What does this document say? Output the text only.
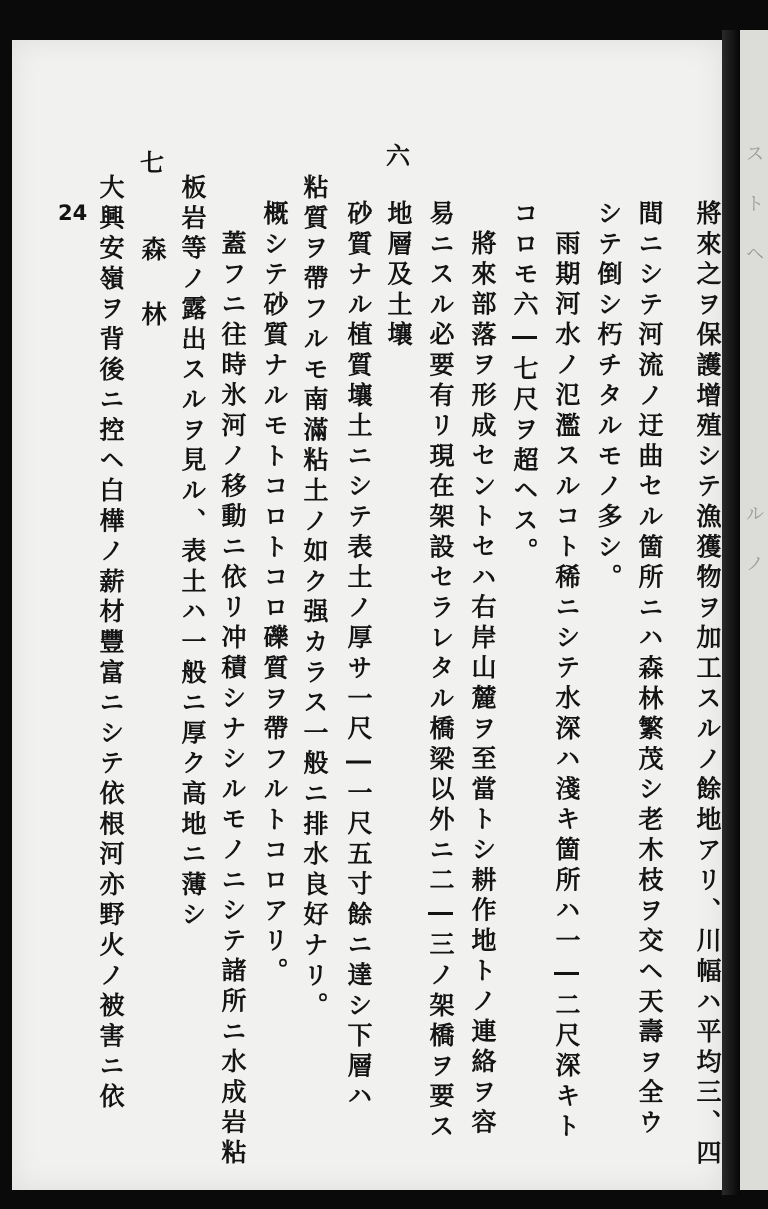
將來之ヲ保護增殖シテ漁獲物ヲ加工スルノ餘地アリ、川幅ハ平均三、四
間ニシテ河流ノ迂曲セル箇所ニハ森林繁茂シ老木枝ヲ交ヘ天壽ヲ全ウ
シテ倒シ朽チタルモノ多シ。
雨期河水ノ氾濫スルコト稀ニシテ水深ハ淺キ箇所ハ一―二尺深キト
コロモ六―七尺ヲ超ヘス。
將來部落ヲ形成セントセハ右岸山麓ヲ至當トシ耕作地トノ連絡ヲ容
易ニスル必要有リ現在架設セラレタル橋梁以外ニ二―三ノ架橋ヲ要ス
六
地層及土壤
砂質ナル植質壤土ニシテ表土ノ厚サ一尺―一尺五寸餘ニ達シ下層ハ
粘質ヲ帶フルモ南滿粘土ノ如ク强カラス一般ニ排水良好ナリ。
概シテ砂質ナルモトコロトコロ礫質ヲ帶フルトコロアリ。
蓋フニ往時氷河ノ移動ニ依リ冲積シナシルモノニシテ諸所ニ水成岩粘
板岩等ノ露出スルヲ見ル、表土ハ一般ニ厚ク高地ニ薄シ
七
森林
大興安嶺ヲ背後ニ控ヘ白樺ノ薪材豐富ニシテ依根河亦野火ノ被害ニ依
24
ス
ト
ヘ
ル
ノ
